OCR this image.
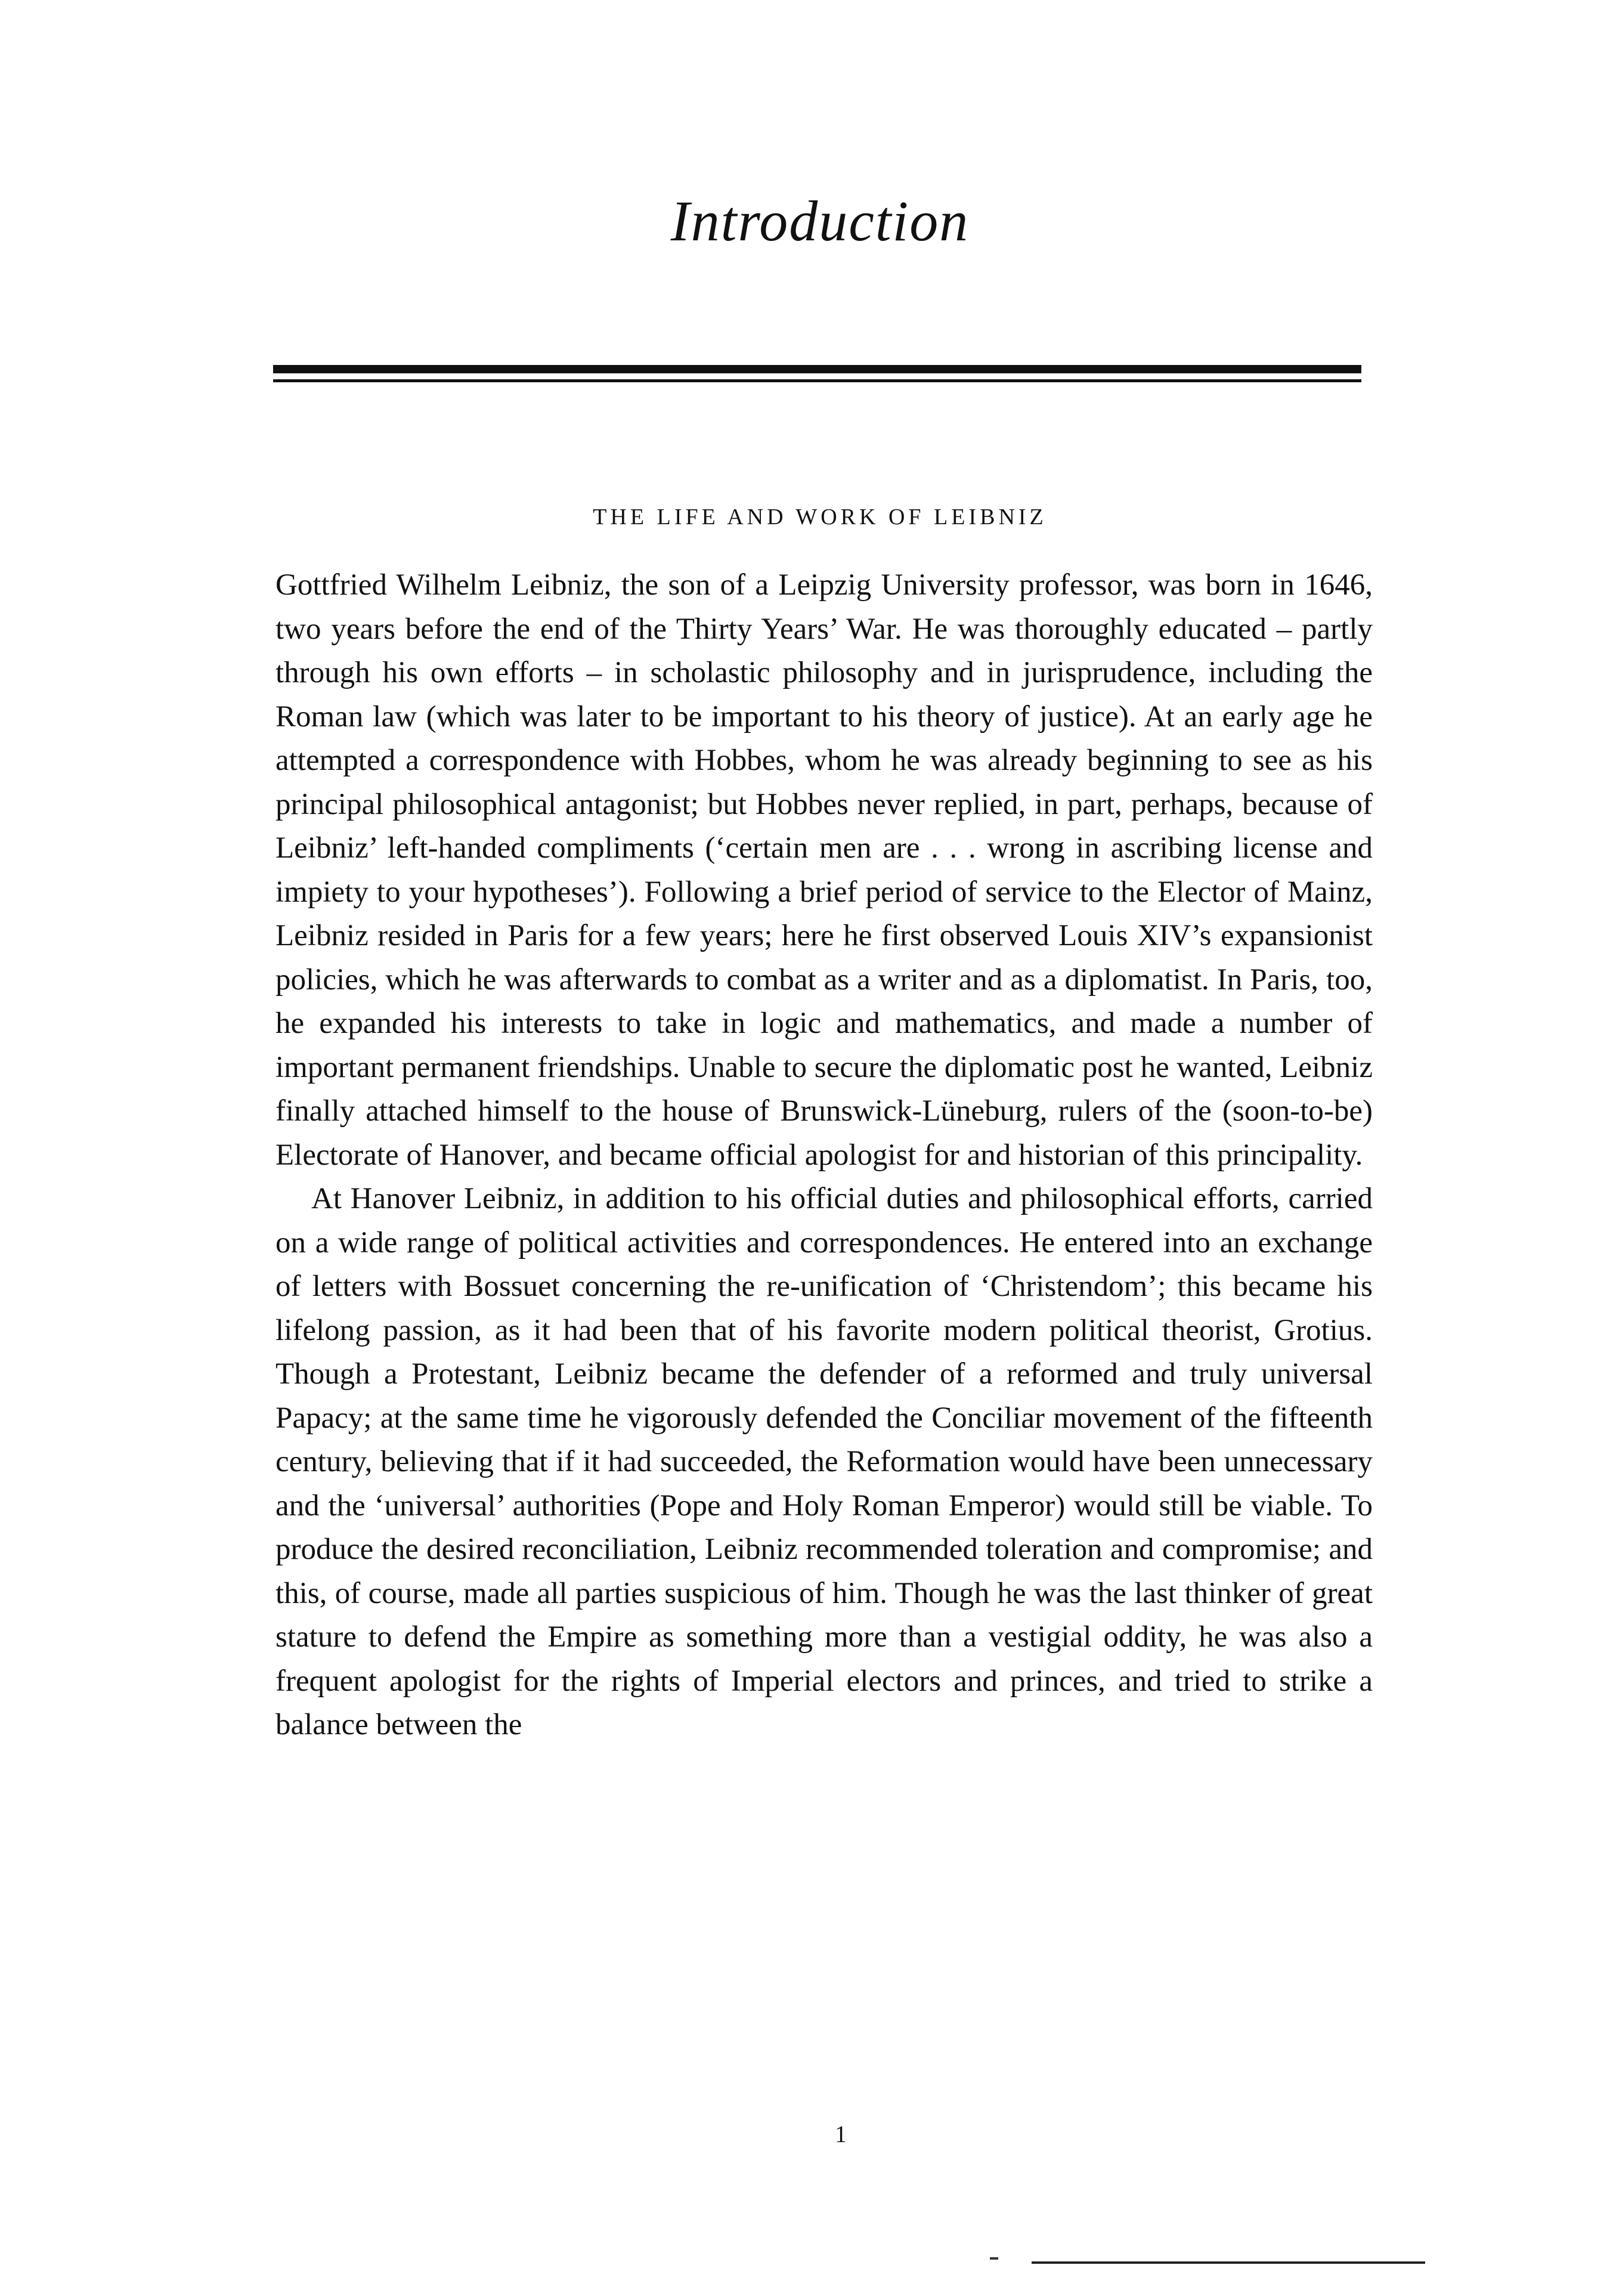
Introduction
THE LIFE AND WORK OF LEIBNIZ

Gottfried Wilhelm Leibniz, the son of a Leipzig University professor, was born in 1646, two years before the end of the Thirty Years’ War. He was thoroughly educated – partly through his own efforts – in scholastic philosophy and in jurisprudence, including the Roman law (which was later to be important to his theory of justice). At an early age he attempted a correspondence with Hobbes, whom he was already beginning to see as his principal philosophical antagonist; but Hobbes never replied, in part, perhaps, because of Leibniz’ left-handed compliments (‘certain men are . . . wrong in ascribing license and impiety to your hypotheses’). Following a brief period of service to the Elector of Mainz, Leibniz resided in Paris for a few years; here he first observed Louis XIV’s expansionist policies, which he was afterwards to combat as a writer and as a diplomatist. In Paris, too, he expanded his interests to take in logic and mathematics, and made a number of important permanent friendships. Unable to secure the diplomatic post he wanted, Leibniz finally attached himself to the house of Brunswick-Lüneburg, rulers of the (soon-to-be) Electorate of Hanover, and became official apologist for and historian of this principality.

At Hanover Leibniz, in addition to his official duties and philosophical efforts, carried on a wide range of political activities and correspondences. He entered into an exchange of letters with Bossuet concerning the re-unification of ‘Christendom’; this became his lifelong passion, as it had been that of his favorite modern political theorist, Grotius. Though a Protestant, Leibniz became the defender of a reformed and truly universal Papacy; at the same time he vigorously defended the Conciliar movement of the fifteenth century, believing that if it had succeeded, the Reformation would have been unnecessary and the ‘universal’ authorities (Pope and Holy Roman Emperor) would still be viable. To produce the desired reconciliation, Leibniz recommended toleration and compromise; and this, of course, made all parties suspicious of him. Though he was the last thinker of great stature to defend the Empire as something more than a vestigial oddity, he was also a frequent apologist for the rights of Imperial electors and princes, and tried to strike a balance between the

1
